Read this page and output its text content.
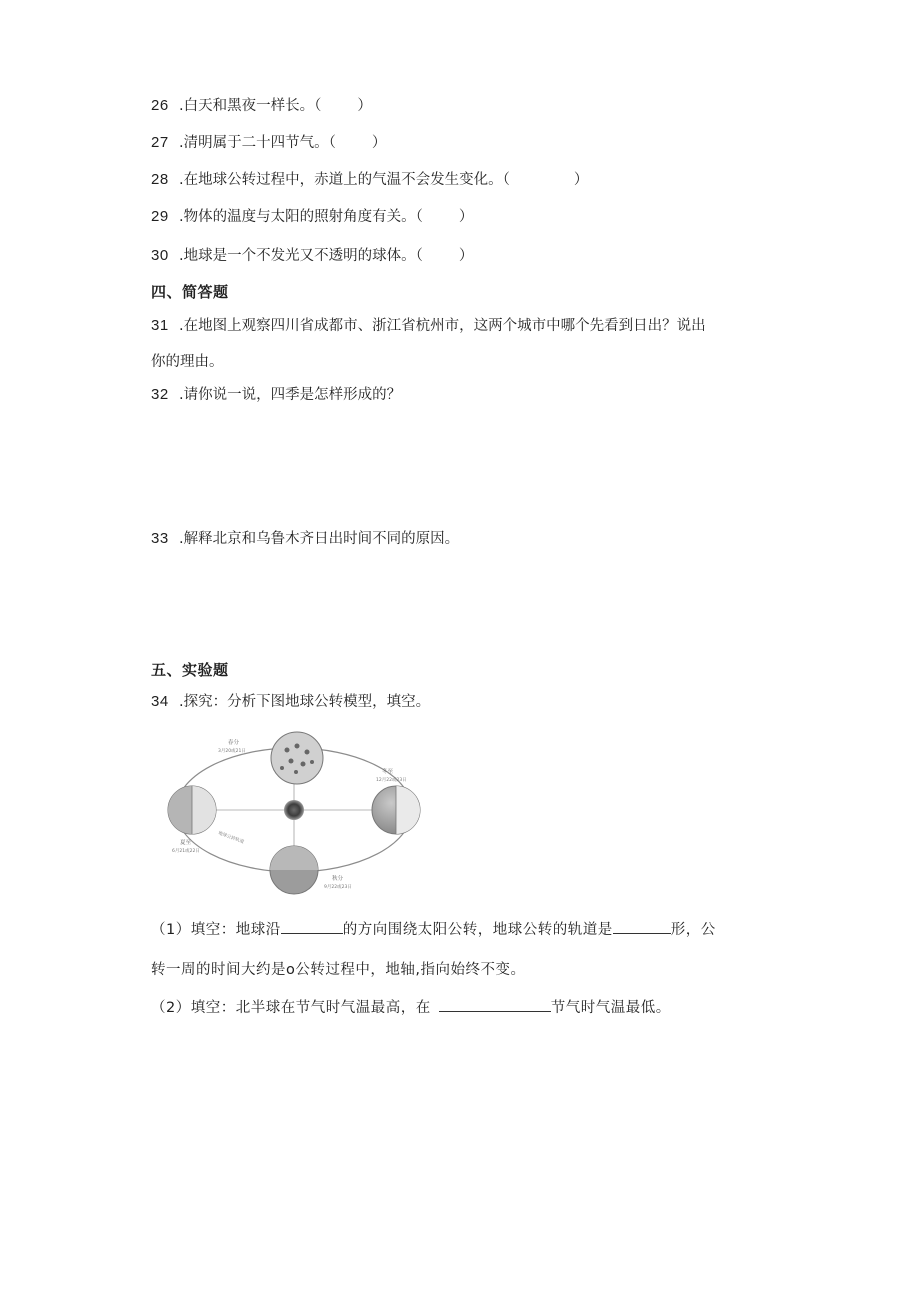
26 .白天和黑夜一样长。（ ）
27 .清明属于二十四节气。（ ）
28 .在地球公转过程中，赤道上的气温不会发生变化。（	）
29 .物体的温度与太阳的照射角度有关。（ ）
30 .地球是一个不发光又不透明的球体。（ ）
四、简答题
31 .在地图上观察四川省成都市、浙江省杭州市，这两个城市中哪个先看到日出？说出
你的理由。
32 .请你说一说，四季是怎样形成的？
33 .解释北京和乌鲁木齐日出时间不同的原因。
五、实验题
34 .探究：分析下图地球公转模型，填空。
春分
3月20或21日
冬至
12月22或23日
夏至
6月21或22日
秋分
9月22或23日
地球公转轨道
（1）填空：地球沿	的方向围绕太阳公转，地球公转的轨道是	形，公
转一周的时间大约是o公转过程中，地轴,指向始终不变。
（2）填空：北半球在节气时气温最高，在	节气时气温最低。
